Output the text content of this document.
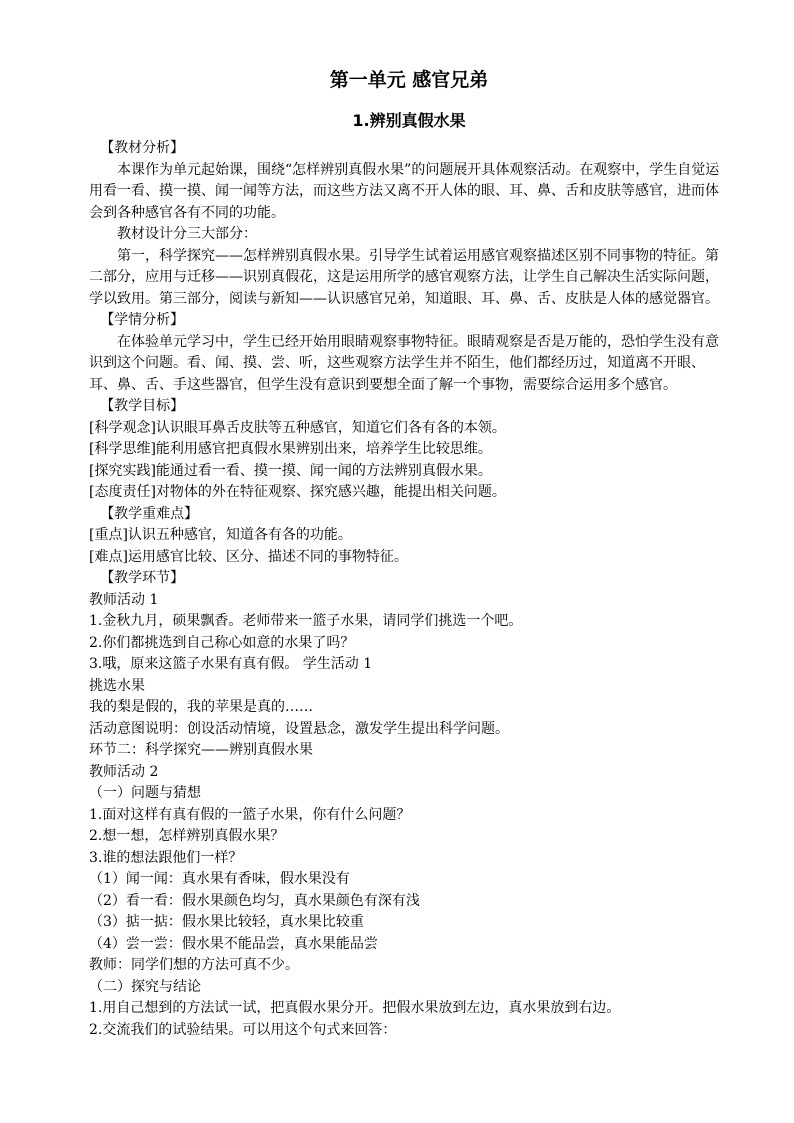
第一单元 感官兄弟
1.辨别真假水果

【教材分析】

本课作为单元起始课，围绕“怎样辨别真假水果”的问题展开具体观察活动。在观察中，学生自觉运用看一看、摸一摸、闻一闻等方法，而这些方法又离不开人体的眼、耳、鼻、舌和皮肤等感官，进而体会到各种感官各有不同的功能。

教材设计分三大部分：

第一，科学探究——怎样辨别真假水果。引导学生试着运用感官观察描述区别不同事物的特征。第二部分，应用与迁移——识别真假花，这是运用所学的感官观察方法，让学生自己解决生活实际问题，学以致用。第三部分，阅读与新知——认识感官兄弟，知道眼、耳、鼻、舌、皮肤是人体的感觉器官。

【学情分析】

在体验单元学习中，学生已经开始用眼睛观察事物特征。眼睛观察是否是万能的，恐怕学生没有意识到这个问题。看、闻、摸、尝、听，这些观察方法学生并不陌生，他们都经历过，知道离不开眼、耳、鼻、舌、手这些器官，但学生没有意识到要想全面了解一个事物，需要综合运用多个感官。

【教学目标】

[科学观念]认识眼耳鼻舌皮肤等五种感官，知道它们各有各的本领。

[科学思维]能利用感官把真假水果辨别出来，培养学生比较思维。

[探究实践]能通过看一看、摸一摸、闻一闻的方法辨别真假水果。

[态度责任]对物体的外在特征观察、探究感兴趣，能提出相关问题。

【教学重难点】

[重点]认识五种感官，知道各有各的功能。

[难点]运用感官比较、区分、描述不同的事物特征。

【教学环节】

教师活动 1

1.金秋九月，硕果飘香。老师带来一篮子水果，请同学们挑选一个吧。

2.你们都挑选到自己称心如意的水果了吗？

3.哦，原来这篮子水果有真有假。 学生活动 1

挑选水果

我的梨是假的，我的苹果是真的……

活动意图说明：创设活动情境，设置悬念，激发学生提出科学问题。

环节二：科学探究——辨别真假水果

教师活动 2

（一）问题与猜想

1.面对这样有真有假的一篮子水果，你有什么问题？

2.想一想，怎样辨别真假水果？

3.谁的想法跟他们一样？

（1）闻一闻：真水果有香味，假水果没有

（2）看一看：假水果颜色均匀，真水果颜色有深有浅

（3）掂一掂：假水果比较轻，真水果比较重

（4）尝一尝：假水果不能品尝，真水果能品尝

教师：同学们想的方法可真不少。

（二）探究与结论

1.用自己想到的方法试一试，把真假水果分开。把假水果放到左边，真水果放到右边。

2.交流我们的试验结果。可以用这个句式来回答：
